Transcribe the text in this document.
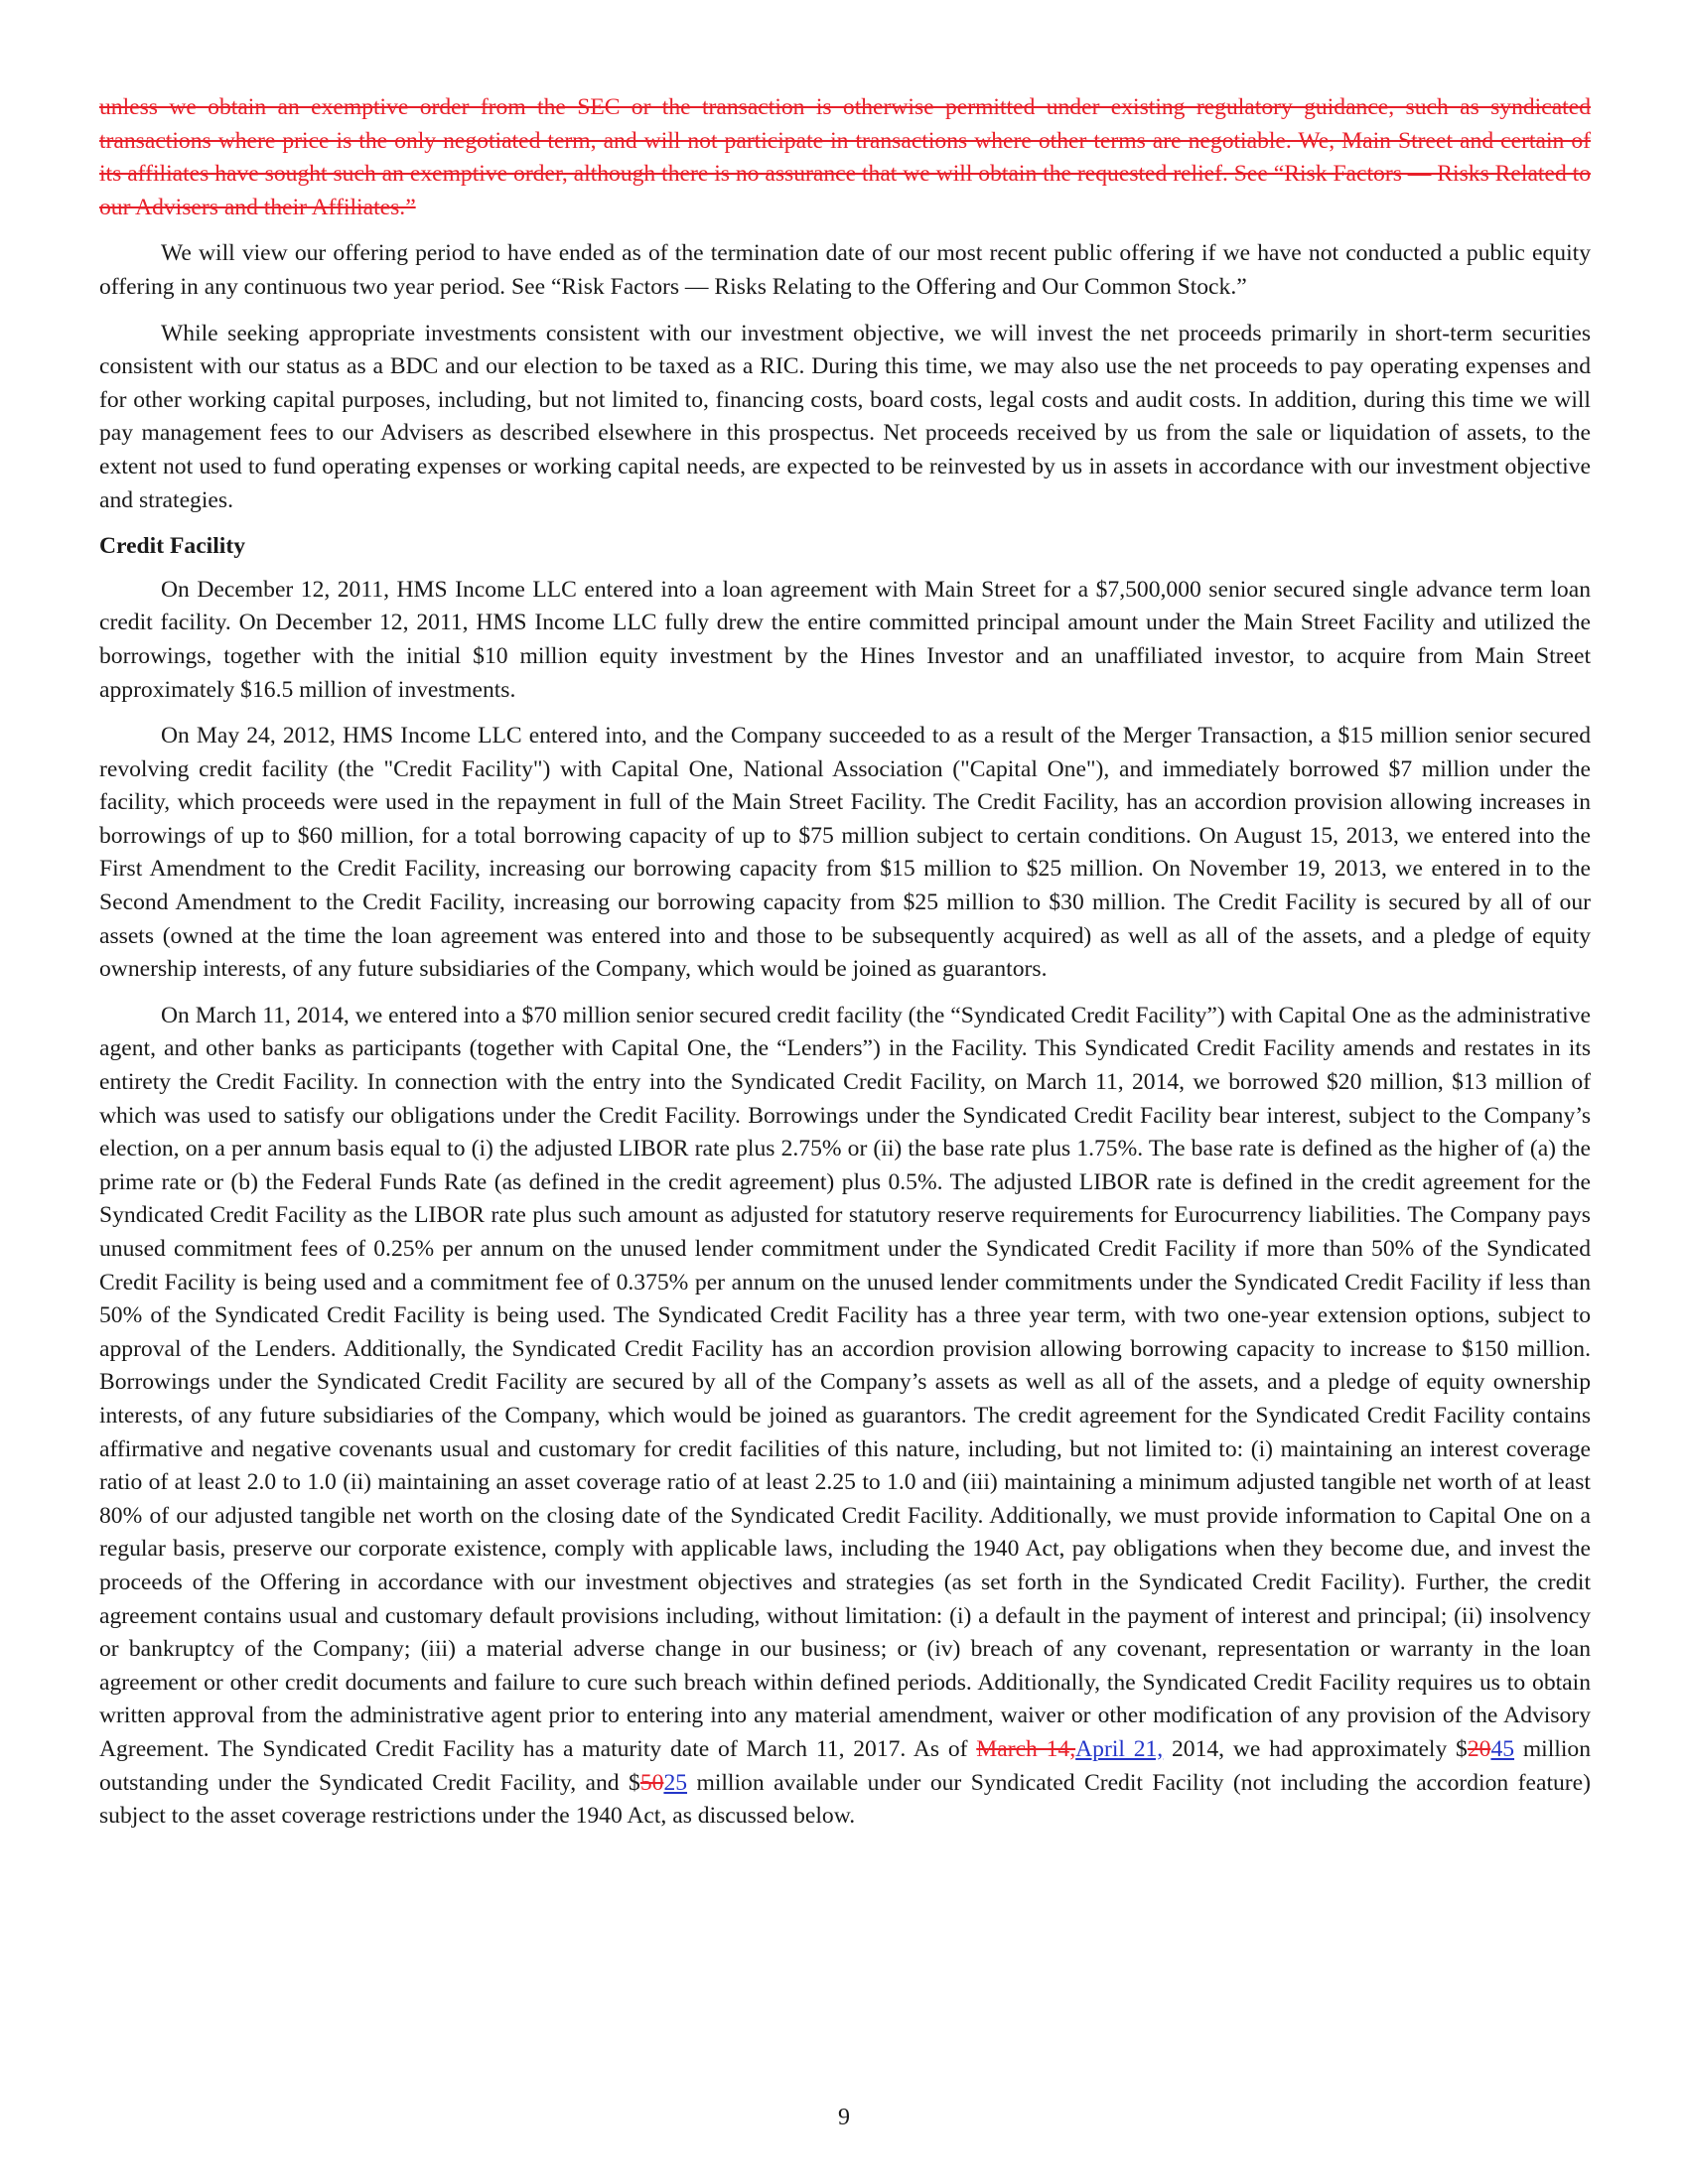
unless we obtain an exemptive order from the SEC or the transaction is otherwise permitted under existing regulatory guidance, such as syndicated transactions where price is the only negotiated term, and will not participate in transactions where other terms are negotiable. We, Main Street and certain of its affiliates have sought such an exemptive order, although there is no assurance that we will obtain the requested relief. See “Risk Factors — Risks Related to our Advisers and their Affiliates.”

We will view our offering period to have ended as of the termination date of our most recent public offering if we have not conducted a public equity offering in any continuous two year period. See “Risk Factors — Risks Relating to the Offering and Our Common Stock.”

While seeking appropriate investments consistent with our investment objective, we will invest the net proceeds primarily in short-term securities consistent with our status as a BDC and our election to be taxed as a RIC. During this time, we may also use the net proceeds to pay operating expenses and for other working capital purposes, including, but not limited to, financing costs, board costs, legal costs and audit costs. In addition, during this time we will pay management fees to our Advisers as described elsewhere in this prospectus. Net proceeds received by us from the sale or liquidation of assets, to the extent not used to fund operating expenses or working capital needs, are expected to be reinvested by us in assets in accordance with our investment objective and strategies.

Credit Facility

On December 12, 2011, HMS Income LLC entered into a loan agreement with Main Street for a $7,500,000 senior secured single advance term loan credit facility. On December 12, 2011, HMS Income LLC fully drew the entire committed principal amount under the Main Street Facility and utilized the borrowings, together with the initial $10 million equity investment by the Hines Investor and an unaffiliated investor, to acquire from Main Street approximately $16.5 million of investments.

On May 24, 2012, HMS Income LLC entered into, and the Company succeeded to as a result of the Merger Transaction, a $15 million senior secured revolving credit facility (the "Credit Facility") with Capital One, National Association ("Capital One"), and immediately borrowed $7 million under the facility, which proceeds were used in the repayment in full of the Main Street Facility. The Credit Facility, has an accordion provision allowing increases in borrowings of up to $60 million, for a total borrowing capacity of up to $75 million subject to certain conditions. On August 15, 2013, we entered into the First Amendment to the Credit Facility, increasing our borrowing capacity from $15 million to $25 million. On November 19, 2013, we entered in to the Second Amendment to the Credit Facility, increasing our borrowing capacity from $25 million to $30 million. The Credit Facility is secured by all of our assets (owned at the time the loan agreement was entered into and those to be subsequently acquired) as well as all of the assets, and a pledge of equity ownership interests, of any future subsidiaries of the Company, which would be joined as guarantors.

On March 11, 2014, we entered into a $70 million senior secured credit facility (the “Syndicated Credit Facility”) with Capital One as the administrative agent, and other banks as participants (together with Capital One, the “Lenders”) in the Facility. This Syndicated Credit Facility amends and restates in its entirety the Credit Facility. In connection with the entry into the Syndicated Credit Facility, on March 11, 2014, we borrowed $20 million, $13 million of which was used to satisfy our obligations under the Credit Facility. Borrowings under the Syndicated Credit Facility bear interest, subject to the Company’s election, on a per annum basis equal to (i) the adjusted LIBOR rate plus 2.75% or (ii) the base rate plus 1.75%. The base rate is defined as the higher of (a) the prime rate or (b) the Federal Funds Rate (as defined in the credit agreement) plus 0.5%. The adjusted LIBOR rate is defined in the credit agreement for the Syndicated Credit Facility as the LIBOR rate plus such amount as adjusted for statutory reserve requirements for Eurocurrency liabilities. The Company pays unused commitment fees of 0.25% per annum on the unused lender commitment under the Syndicated Credit Facility if more than 50% of the Syndicated Credit Facility is being used and a commitment fee of 0.375% per annum on the unused lender commitments under the Syndicated Credit Facility if less than 50% of the Syndicated Credit Facility is being used. The Syndicated Credit Facility has a three year term, with two one-year extension options, subject to approval of the Lenders. Additionally, the Syndicated Credit Facility has an accordion provision allowing borrowing capacity to increase to $150 million. Borrowings under the Syndicated Credit Facility are secured by all of the Company’s assets as well as all of the assets, and a pledge of equity ownership interests, of any future subsidiaries of the Company, which would be joined as guarantors. The credit agreement for the Syndicated Credit Facility contains affirmative and negative covenants usual and customary for credit facilities of this nature, including, but not limited to: (i) maintaining an interest coverage ratio of at least 2.0 to 1.0 (ii) maintaining an asset coverage ratio of at least 2.25 to 1.0 and (iii) maintaining a minimum adjusted tangible net worth of at least 80% of our adjusted tangible net worth on the closing date of the Syndicated Credit Facility. Additionally, we must provide information to Capital One on a regular basis, preserve our corporate existence, comply with applicable laws, including the 1940 Act, pay obligations when they become due, and invest the proceeds of the Offering in accordance with our investment objectives and strategies (as set forth in the Syndicated Credit Facility). Further, the credit agreement contains usual and customary default provisions including, without limitation: (i) a default in the payment of interest and principal; (ii) insolvency or bankruptcy of the Company; (iii) a material adverse change in our business; or (iv) breach of any covenant, representation or warranty in the loan agreement or other credit documents and failure to cure such breach within defined periods. Additionally, the Syndicated Credit Facility requires us to obtain written approval from the administrative agent prior to entering into any material amendment, waiver or other modification of any provision of the Advisory Agreement. The Syndicated Credit Facility has a maturity date of March 11, 2017. As of March 14,April 21, 2014, we had approximately $2045 million outstanding under the Syndicated Credit Facility, and $5025 million available under our Syndicated Credit Facility (not including the accordion feature) subject to the asset coverage restrictions under the 1940 Act, as discussed below.

9
